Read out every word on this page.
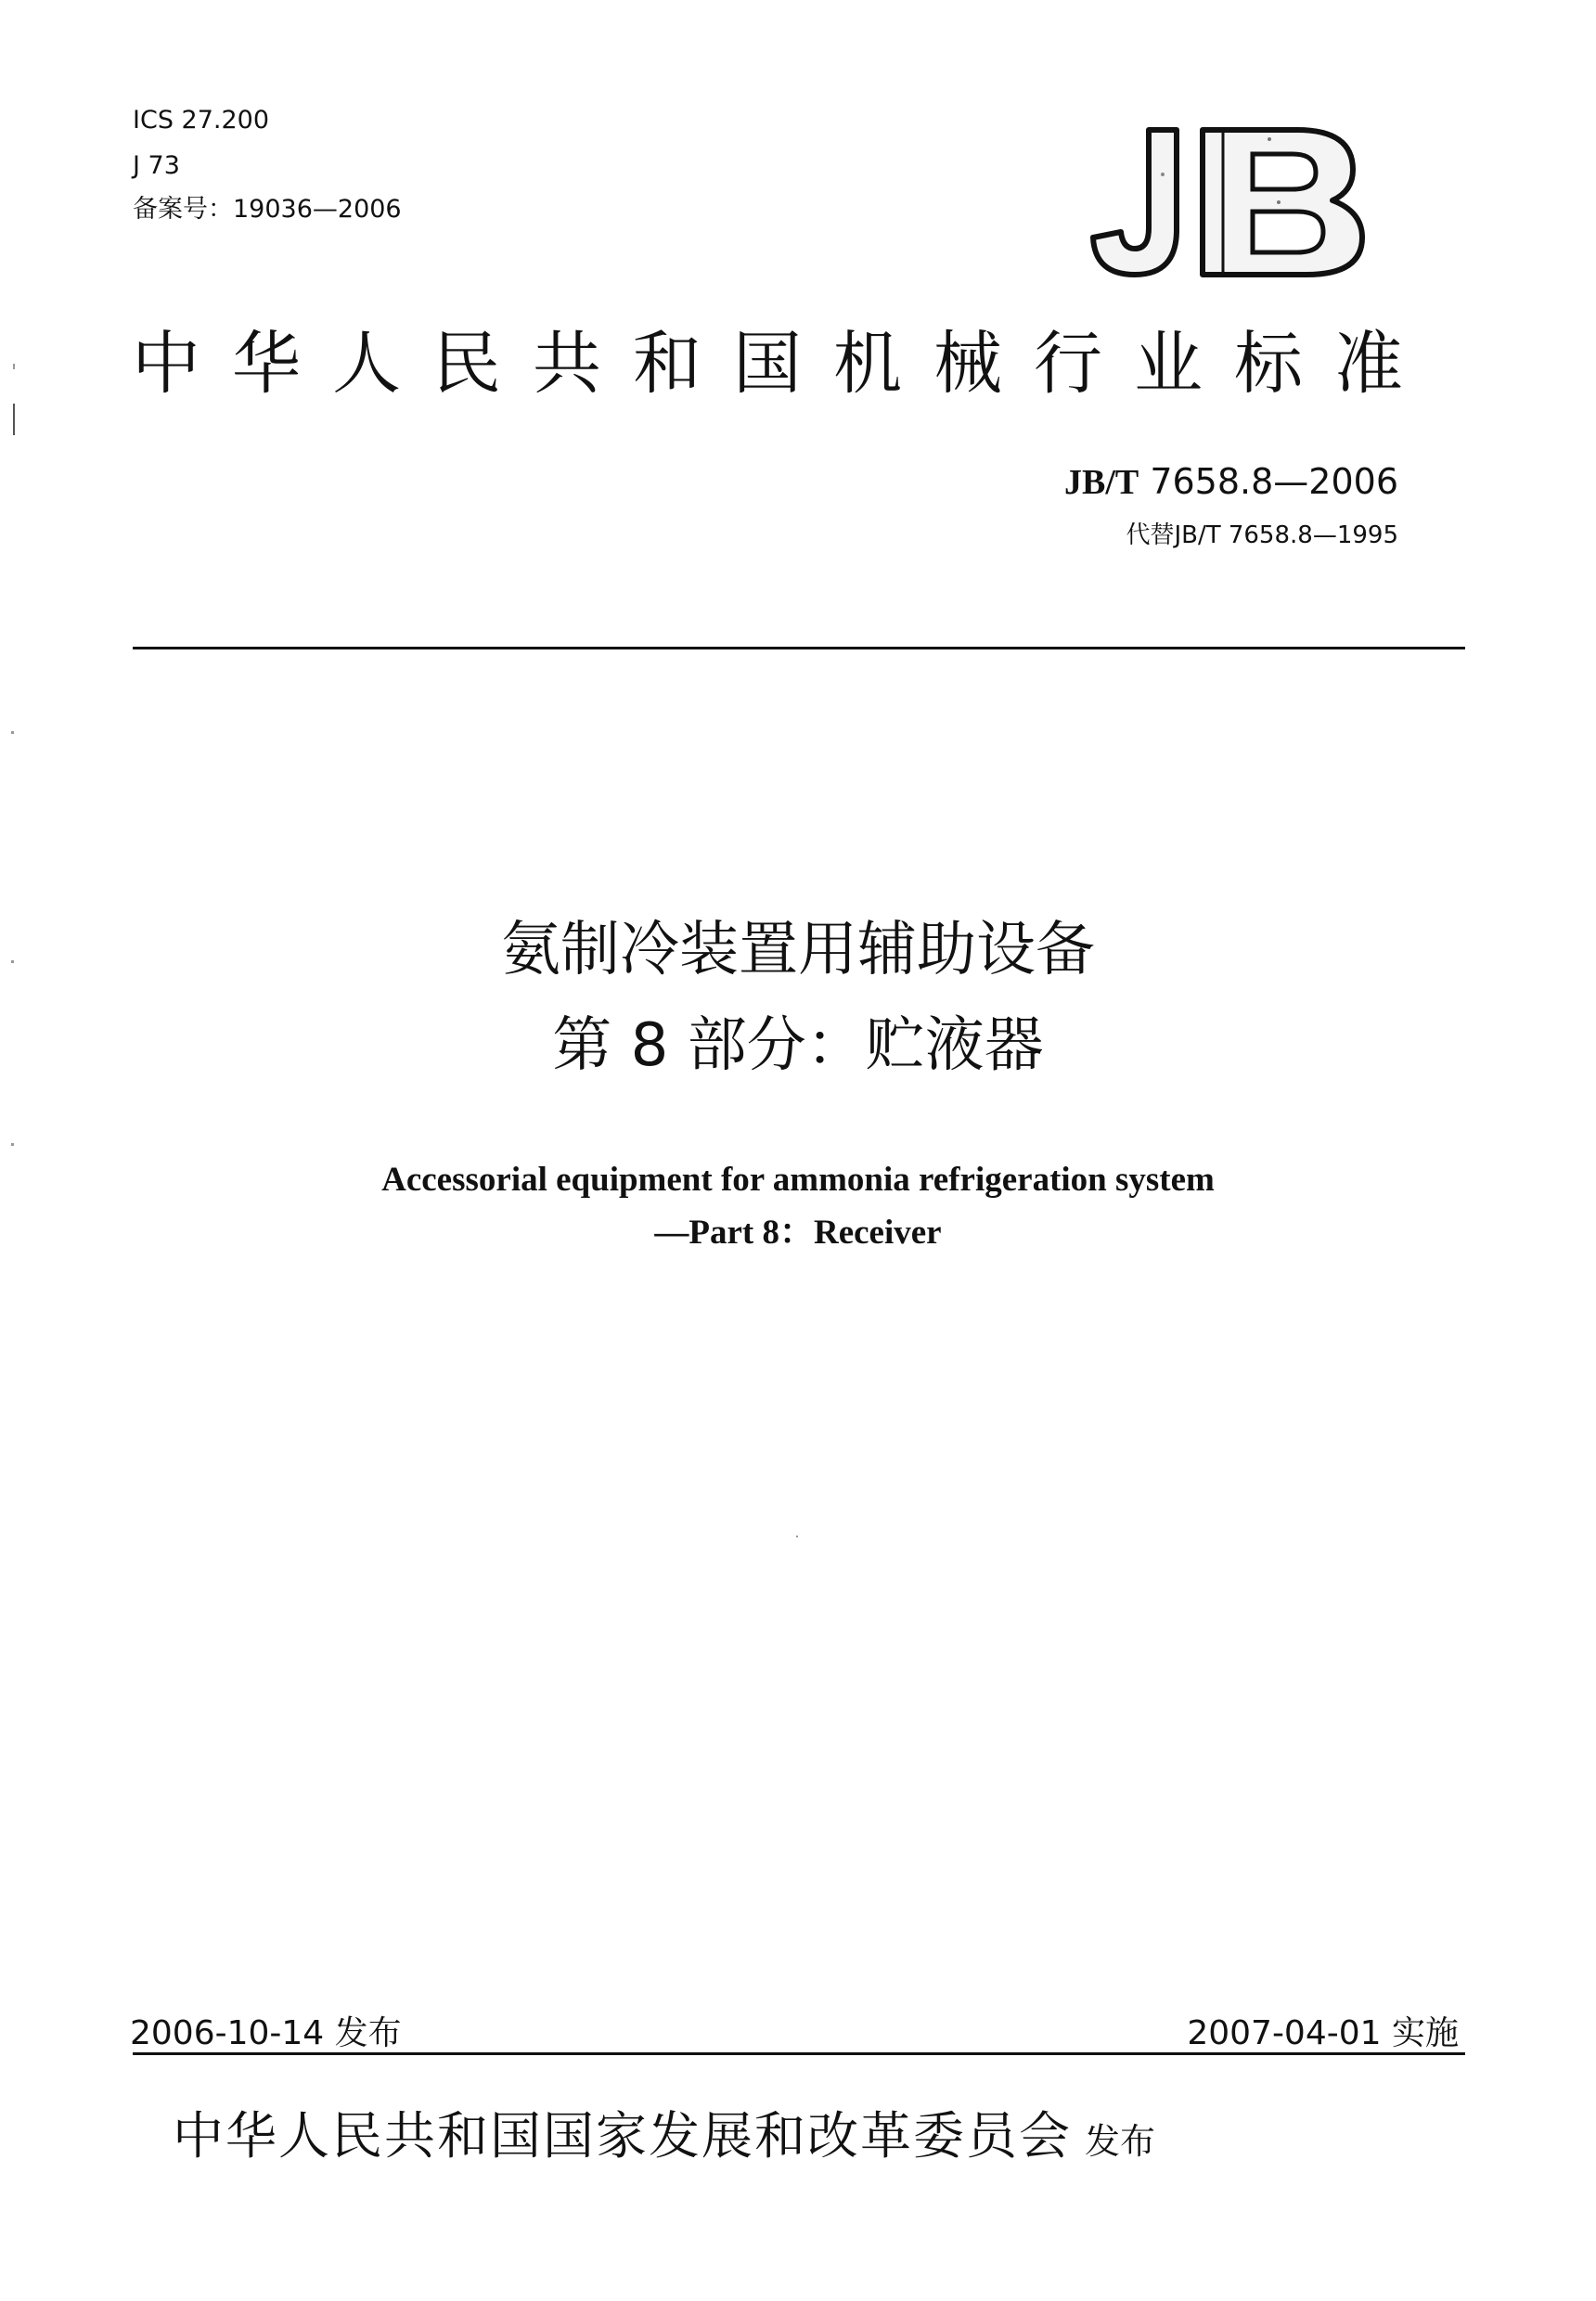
ICS 27.200
J 73
备案号：19036—2006
中华人民共和国机械行业标准
JB/T 7658.8—2006
代替JB/T 7658.8—1995
氨制冷装置用辅助设备
第 8 部分：贮液器
Accessorial equipment for ammonia refrigeration system
—Part 8：Receiver
2006-10-14 发布	2007-04-01 实施
中华人民共和国国家发展和改革委员会 发布
